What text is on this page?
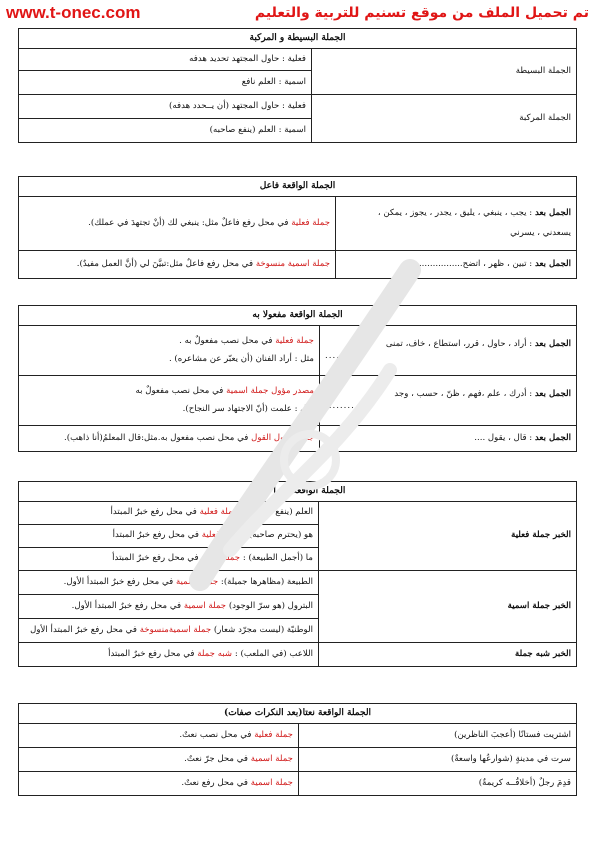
www.t-onec.com	تم تحميل الملف من موقع تسنيم للتربية والتعليم
الجملة البسيطة و المركبة	
الجملة البسيطة	فعلية : حاول المجتهد تحديد هدفه
	اسمية : العلم نافع
الجملة المركبة	فعلية : حاول المجتهد (أن يــحدد هدفه)
	اسمية : العلم (ينفع صاحبه)
الجملة الواقعة فاعل	

الجمل بعد : يجب ، ينبغي ، يليق ، يجدر ، يجوز ، يمكن ،
يسعدني ، يسرني	جملة فعلية في محل رفع فاعلٌ مثل: ينبغي لك (أنْ تجتهدَ في عملك).
الجمل بعد : تبين ، ظهر ، اتضح....................	جملة اسمية منسوخة في محل رفع فاعلٌ مثل:تبيَّنَ لي (أنَّ العمل مفيدٌ).
الجملة الواقعة مفعولا به	

الجمل بعد : أراد ، حاول ، قرر، استطاع ، خاف، تمنى
..........	جملة فعلية في محل نصب مفعولٌ به .
مثل : أراد الفنان (أن يعبّر عن مشاعره) .

الجمل بعد : أدرك ، علم ،فهم ، ظنّ ، حسب ، وجد
..........	مصدر مؤول جملة اسمية في محل نصب مفعولٌ به
مثل : علمت (أنّ الاجتهاد سر النجاح).

الجمل بعد : قال ، يقول ....	جملة مقول القول في محل نصب مفعول به.مثل:قال المعلمُ(أنا ذاهب).
الجملة الواقعة خبرا لمبتدأ	
الخبر جملة فعلية	العلم (ينفع صاحبه) : جملة فعلية في محل رفع خبرٌ المبتدأ
	هو (يحترم صاحبه) : جملة فعلية في محل رفع خبرٌ المبتدأ
	ما (أجمل الطبيعة) : جملة فعلية في محل رفع خبرٌ المبتدأ
الخبر جملة اسمية	الطبيعة (مظاهرها جميلة): جملة اسمية في محل رفع خبرٌ المبتدأ الأول.
	البترول (هو سرّ الوجود) جملة اسمية في محل رفع خبرٌ المبتدأ الأول.
	الوطنيّة (ليست مجرّد شعار) جملة اسميةمنسوخة في محل رفع خبرٌ المبتدأ الأول
الخبر شبه جملة	اللاعب (في الملعب) : شبه جملة في محل رفع خبرٌ المبتدأ
الجملة الواقعة نعتا(بعد النكرات صفات)	
اشتريت فستانًا (أعجبَ الناظرين)	جملة فعلية في محل نصب نعتٌ.
سرت في مدينةٍ (شوارعُها واسعةٌ)	جملة اسمية في محل جرّ نعتٌ.
قدِمَ رجلٌ (أخلاقُــه كريمةٌ)	جملة اسمية في محل رفع نعتٌ.
